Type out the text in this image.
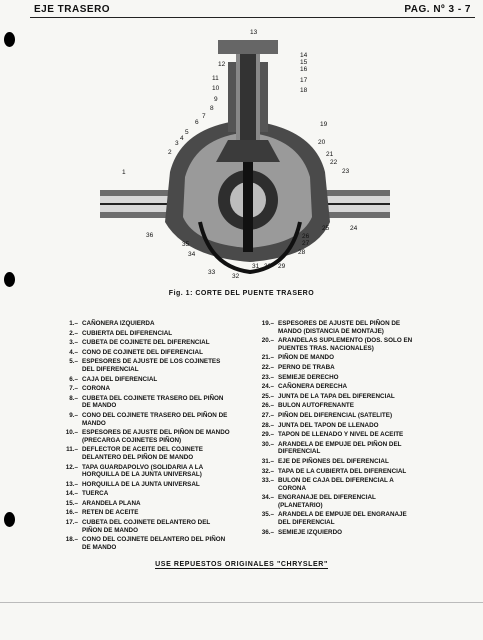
EJE TRASERO	PAG. Nº 3 - 7
13
12
11
10
9
8
7
6
5
4
3
2
1
14
15
16
17
18
19
20
21
22
23
24
25
26
27
28
29
30
31
32
33
34
35
36
Fig. 1: CORTE DEL PUENTE TRASERO
1.– CAÑONERA IZQUIERDA
2.– CUBIERTA DEL DIFERENCIAL
3.– CUBETA DE COJINETE DEL DIFERENCIAL
4.– CONO DE COJINETE DEL DIFERENCIAL
5.– ESPESORES DE AJUSTE DE LOS COJINETES DEL DIFERENCIAL
6.– CAJA DEL DIFERENCIAL
7.– CORONA
8.– CUBETA DEL COJINETE TRASERO DEL PIÑON DE MANDO
9.– CONO DEL COJINETE TRASERO DEL PIÑON DE MANDO
10.– ESPESORES DE AJUSTE DEL PIÑON DE MANDO (PRECARGA COJINETES PIÑON)
11.– DEFLECTOR DE ACEITE DEL COJINETE DELANTERO DEL PIÑON DE MANDO
12.– TAPA GUARDAPOLVO (SOLIDARIA A LA HORQUILLA DE LA JUNTA UNIVERSAL)
13.– HORQUILLA DE LA JUNTA UNIVERSAL
14.– TUERCA
15.– ARANDELA PLANA
16.– RETEN DE ACEITE
17.– CUBETA DEL COJINETE DELANTERO DEL PIÑON DE MANDO
18.– CONO DEL COJINETE DELANTERO DEL PIÑON DE MANDO
19.– ESPESORES DE AJUSTE DEL PIÑON DE MANDO (DISTANCIA DE MONTAJE)
20.– ARANDELAS SUPLEMENTO (DOS. SOLO EN PUENTES TRAS. NACIONALES)
21.– PIÑON DE MANDO
22.– PERNO DE TRABA
23.– SEMIEJE DERECHO
24.– CAÑONERA DERECHA
25.– JUNTA DE LA TAPA DEL DIFERENCIAL
26.– BULON AUTOFRENANTE
27.– PIÑON DEL DIFERENCIAL (SATELITE)
28.– JUNTA DEL TAPON DE LLENADO
29.– TAPON DE LLENADO Y NIVEL DE ACEITE
30.– ARANDELA DE EMPUJE DEL PIÑON DEL DIFERENCIAL
31.– EJE DE PIÑONES DEL DIFERENCIAL
32.– TAPA DE LA CUBIERTA DEL DIFERENCIAL
33.– BULON DE CAJA DEL DIFERENCIAL A CORONA
34.– ENGRANAJE DEL DIFERENCIAL (PLANETARIO)
35.– ARANDELA DE EMPUJE DEL ENGRANAJE DEL DIFERENCIAL
36.– SEMIEJE IZQUIERDO
USE REPUESTOS ORIGINALES "CHRYSLER"
